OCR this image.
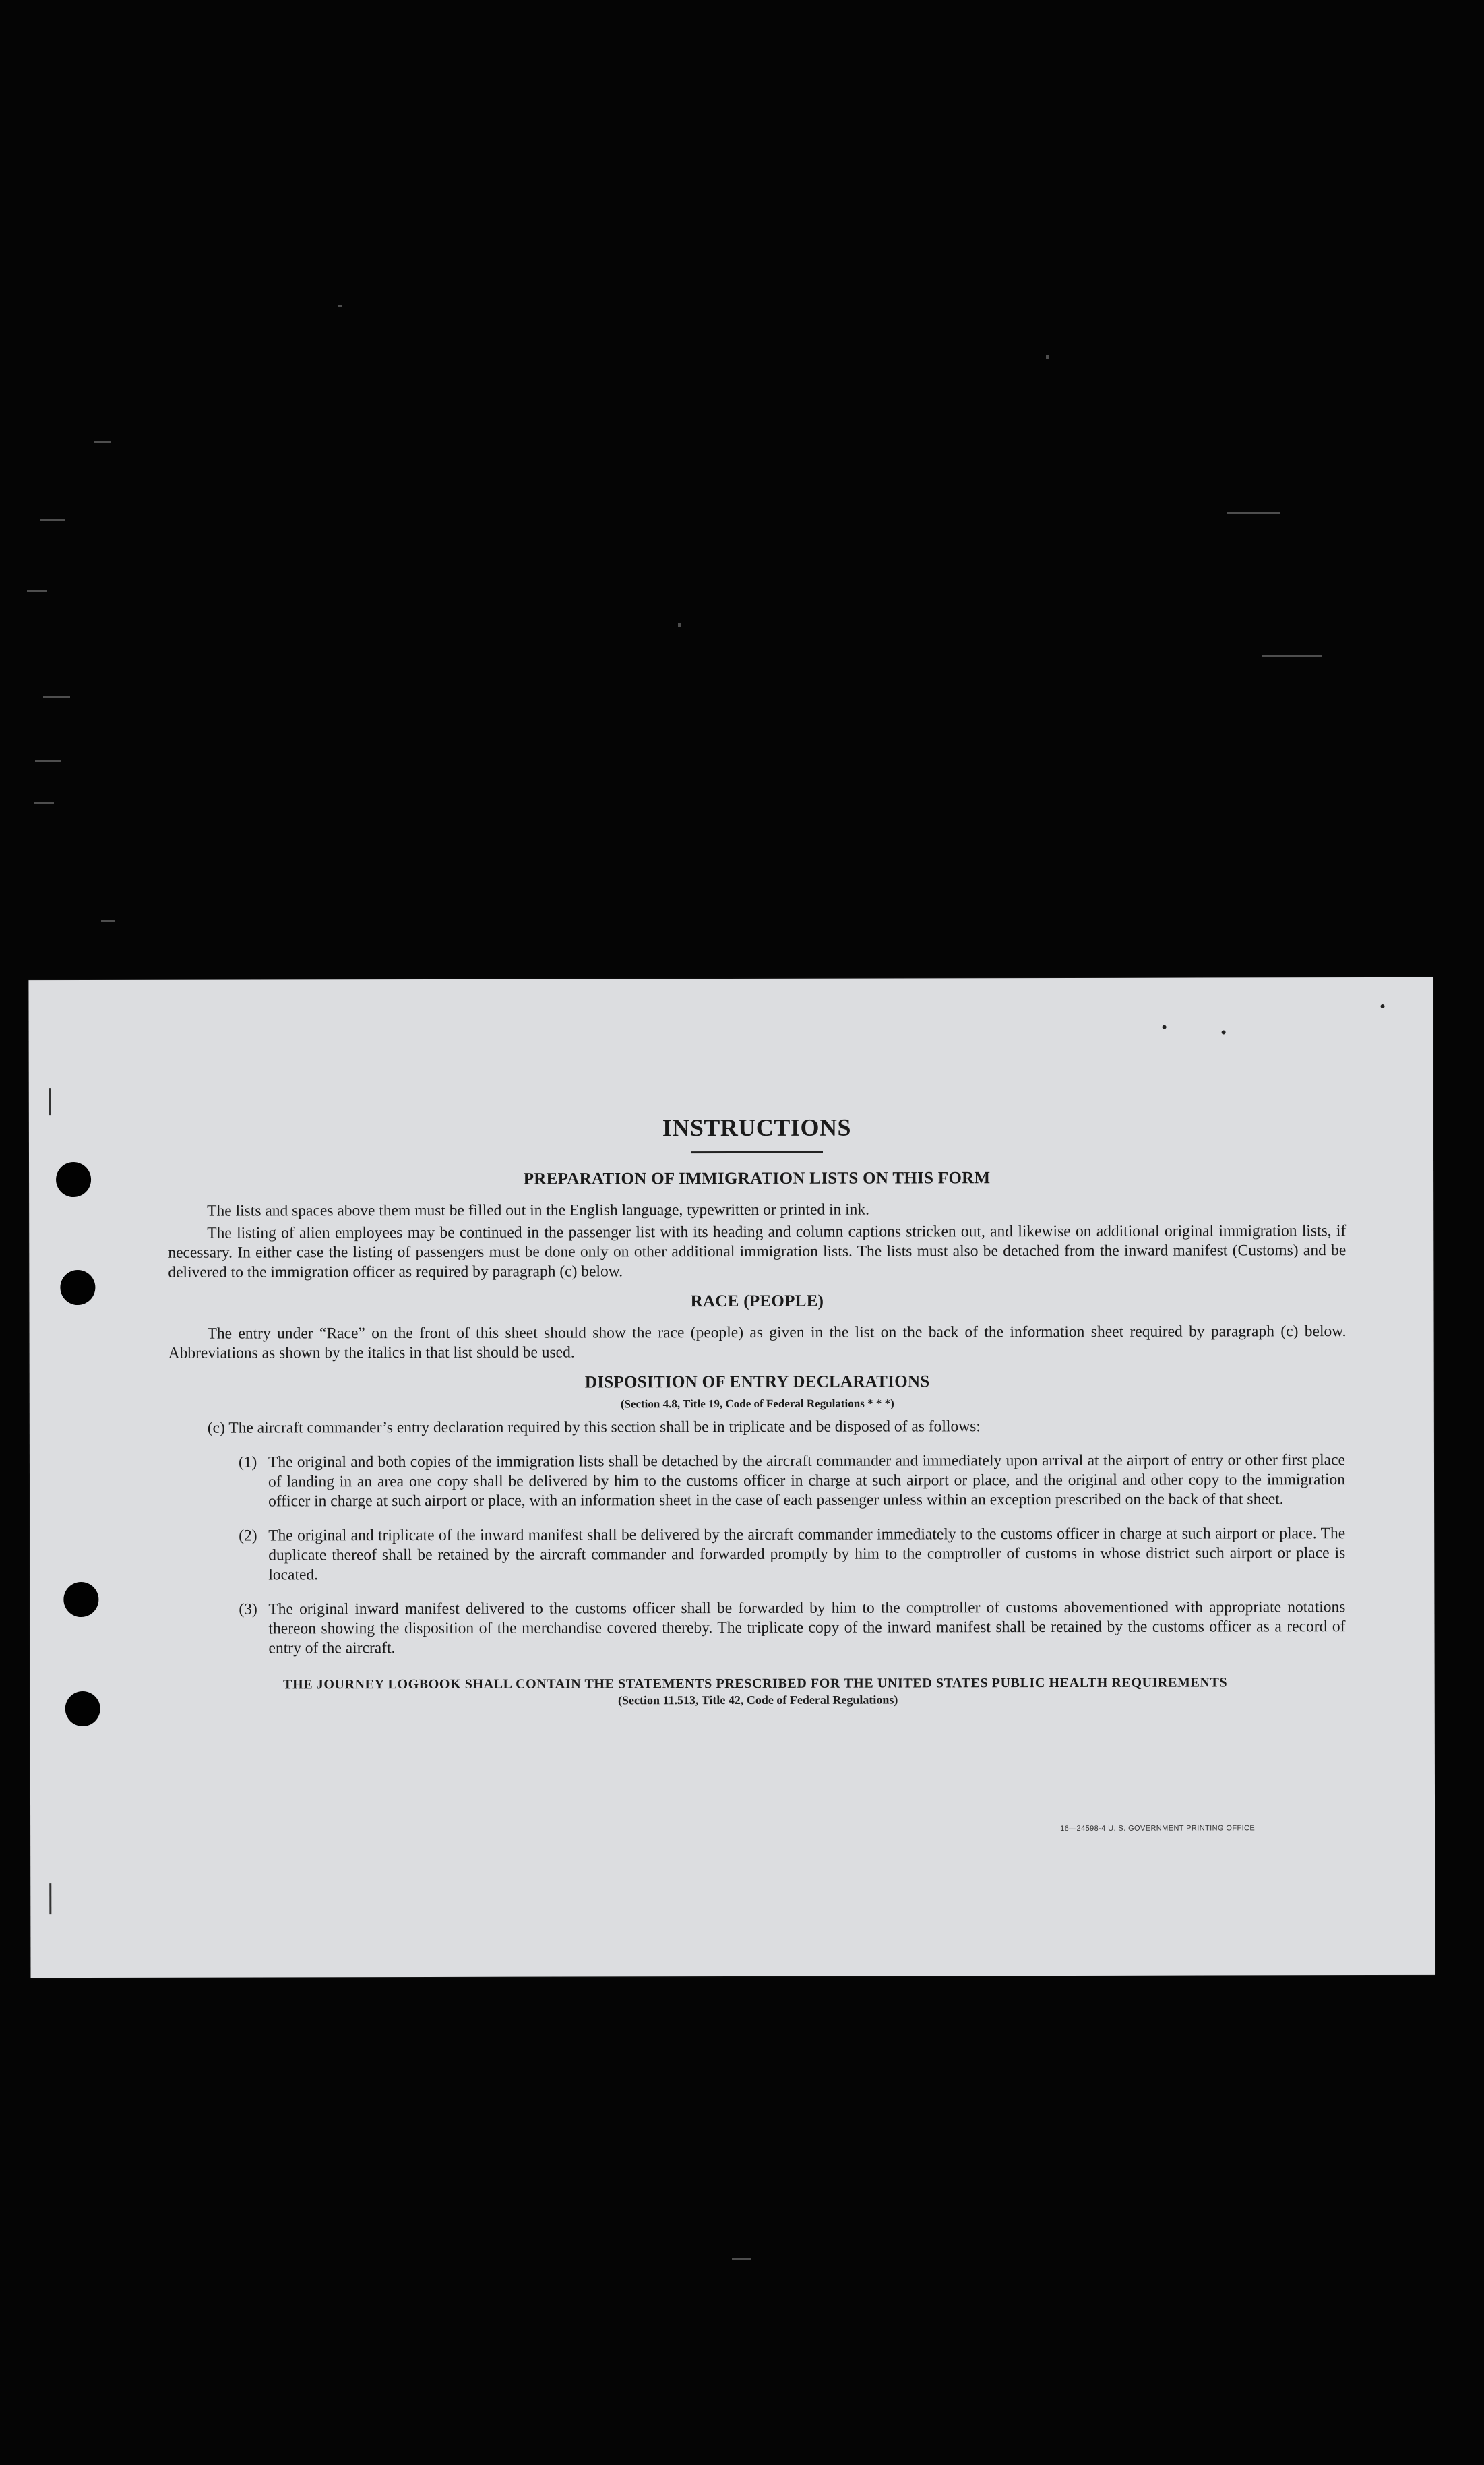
INSTRUCTIONS
PREPARATION OF IMMIGRATION LISTS ON THIS FORM

The lists and spaces above them must be filled out in the English language, typewritten or printed in ink.

The listing of alien employees may be continued in the passenger list with its heading and column captions stricken out, and likewise on additional original immigration lists, if necessary. In either case the listing of passengers must be done only on other additional immigration lists. The lists must also be detached from the inward manifest (Customs) and be delivered to the immigration officer as required by paragraph (c) below.

RACE (PEOPLE)

The entry under “Race” on the front of this sheet should show the race (people) as given in the list on the back of the information sheet required by paragraph (c) below. Abbreviations as shown by the italics in that list should be used.

DISPOSITION OF ENTRY DECLARATIONS
(Section 4.8, Title 19, Code of Federal Regulations * * *)

(c) The aircraft commander’s entry declaration required by this section shall be in triplicate and be disposed of as follows:

(1) The original and both copies of the immigration lists shall be detached by the aircraft commander and immediately upon arrival at the airport of entry or other first place of landing in an area one copy shall be delivered by him to the customs officer in charge at such airport or place, and the original and other copy to the immigration officer in charge at such airport or place, with an information sheet in the case of each passenger unless within an exception prescribed on the back of that sheet.
(2) The original and triplicate of the inward manifest shall be delivered by the aircraft commander immediately to the customs officer in charge at such airport or place. The duplicate thereof shall be retained by the aircraft commander and forwarded promptly by him to the comptroller of customs in whose district such airport or place is located.
(3) The original inward manifest delivered to the customs officer shall be forwarded by him to the comptroller of customs abovementioned with appropriate notations thereon showing the disposition of the merchandise covered thereby. The triplicate copy of the inward manifest shall be retained by the customs officer as a record of entry of the aircraft.
THE JOURNEY LOGBOOK SHALL CONTAIN THE STATEMENTS PRESCRIBED FOR THE UNITED STATES PUBLIC HEALTH REQUIREMENTS
(Section 11.513, Title 42, Code of Federal Regulations)
16—24598-4 U. S. GOVERNMENT PRINTING OFFICE
